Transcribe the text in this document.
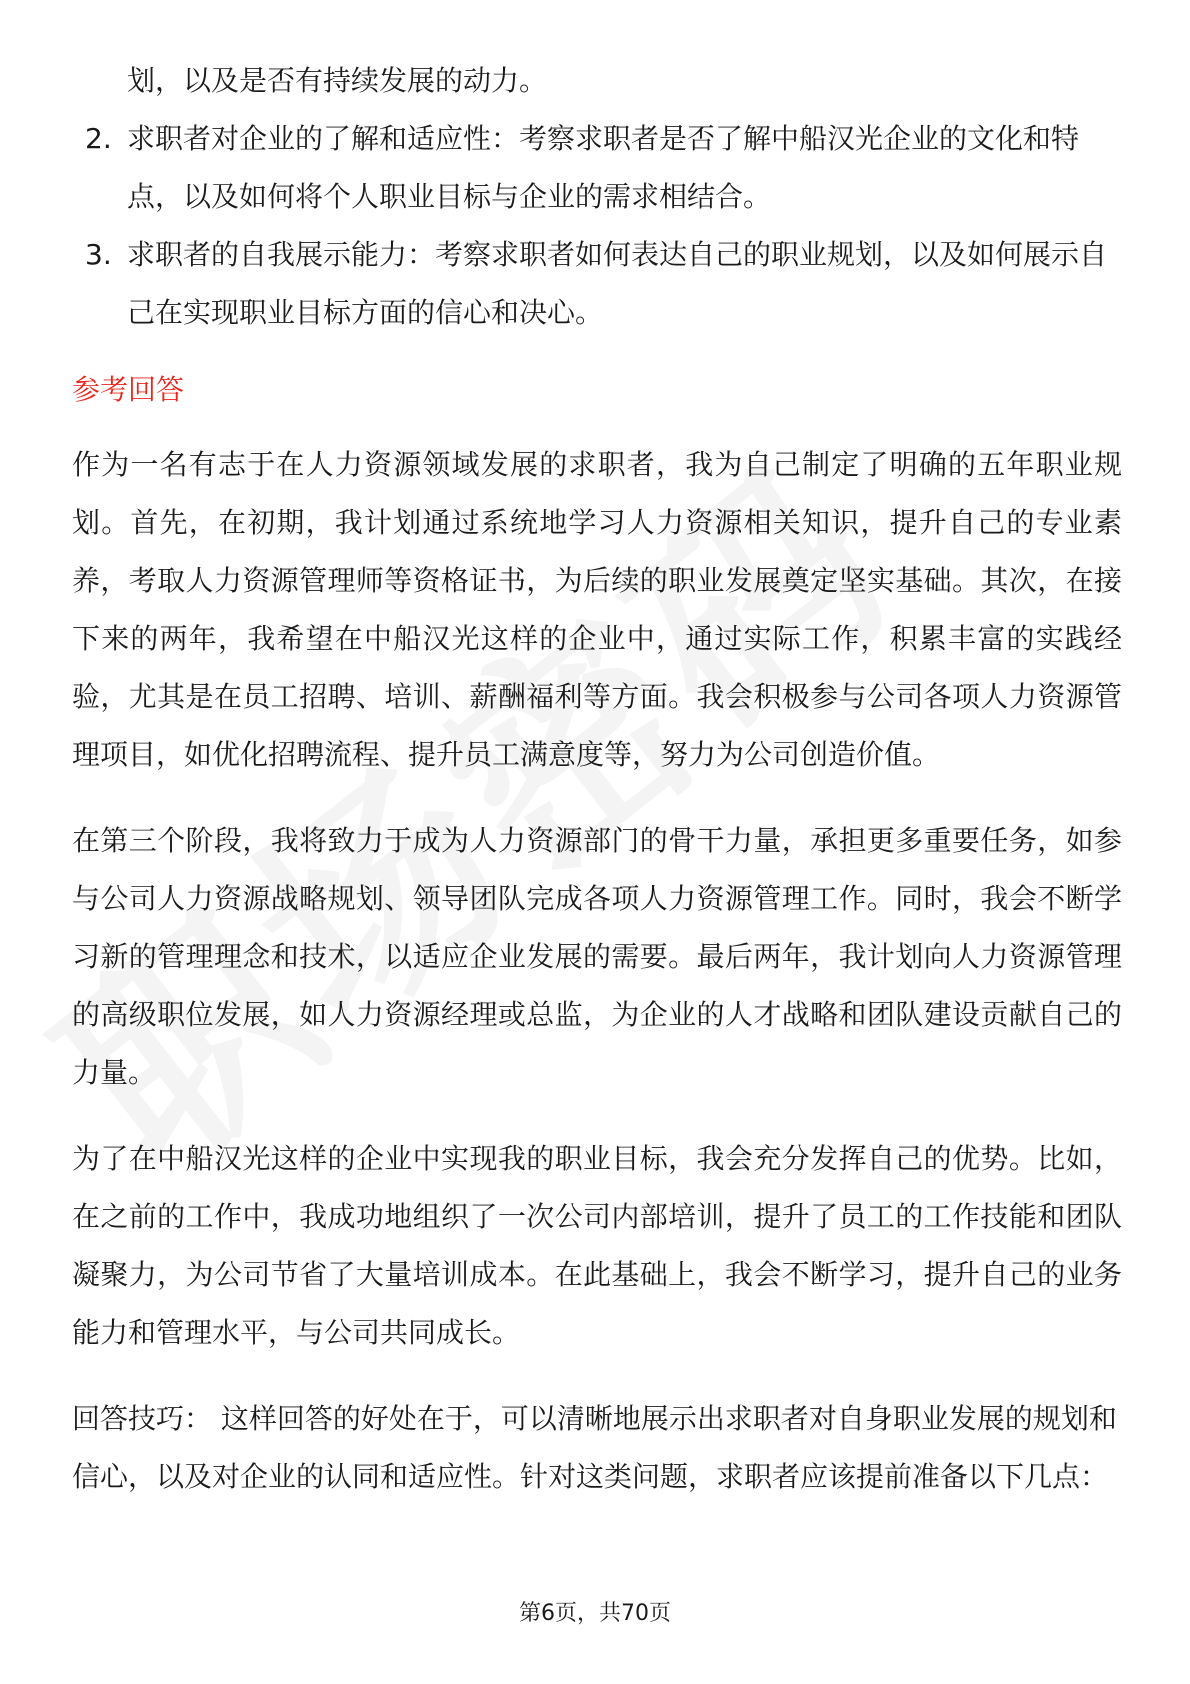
划，以及是否有持续发展的动力。
2. 求职者对企业的了解和适应性：考察求职者是否了解中船汉光企业的文化和特点，以及如何将个人职业目标与企业的需求相结合。
3. 求职者的自我展示能力：考察求职者如何表达自己的职业规划，以及如何展示自己在实现职业目标方面的信心和决心。
参考回答

作为一名有志于在人力资源领域发展的求职者，我为自己制定了明确的五年职业规划。首先，在初期，我计划通过系统地学习人力资源相关知识，提升自己的专业素养，考取人力资源管理师等资格证书，为后续的职业发展奠定坚实基础。其次，在接下来的两年，我希望在中船汉光这样的企业中，通过实际工作，积累丰富的实践经验，尤其是在员工招聘、培训、薪酬福利等方面。我会积极参与公司各项人力资源管理项目，如优化招聘流程、提升员工满意度等，努力为公司创造价值。

在第三个阶段，我将致力于成为人力资源部门的骨干力量，承担更多重要任务，如参与公司人力资源战略规划、领导团队完成各项人力资源管理工作。同时，我会不断学习新的管理理念和技术，以适应企业发展的需要。最后两年，我计划向人力资源管理的高级职位发展，如人力资源经理或总监，为企业的人才战略和团队建设贡献自己的力量。

为了在中船汉光这样的企业中实现我的职业目标，我会充分发挥自己的优势。比如，在之前的工作中，我成功地组织了一次公司内部培训，提升了员工的工作技能和团队凝聚力，为公司节省了大量培训成本。在此基础上，我会不断学习，提升自己的业务能力和管理水平，与公司共同成长。

回答技巧： 这样回答的好处在于，可以清晰地展示出求职者对自身职业发展的规划和信心，以及对企业的认同和适应性。针对这类问题，求职者应该提前准备以下几点：

第6页，共70页
